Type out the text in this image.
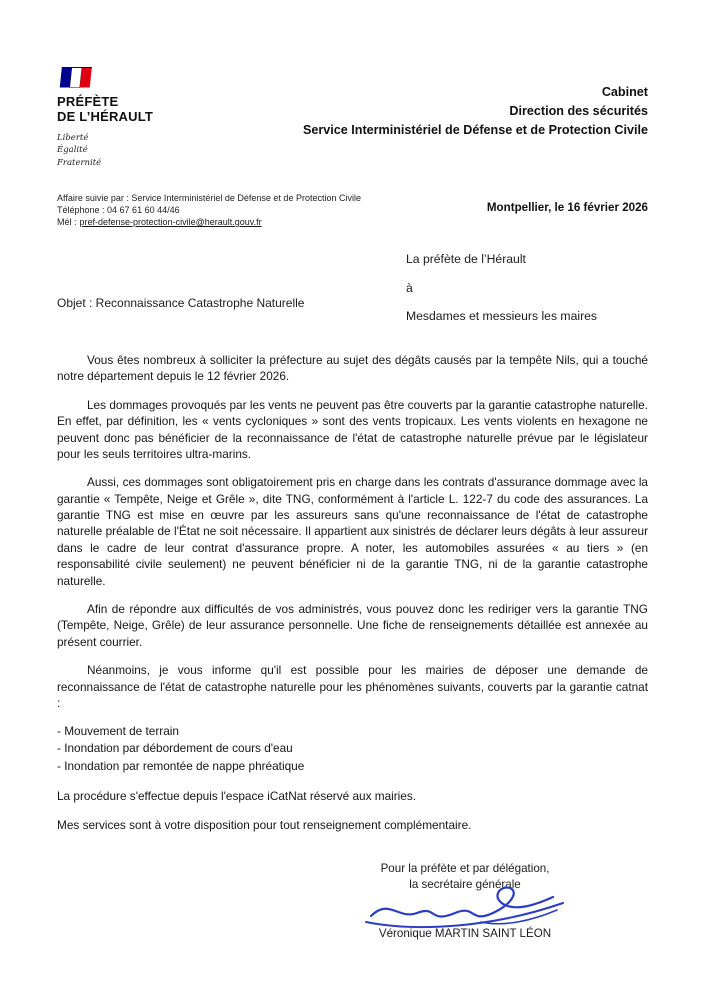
PRÉFÈTE
DE L’HÉRAULT
Liberté
Égalité
Fraternité
Cabinet
Direction des sécurités
Service Interministériel de Défense et de Protection Civile
Affaire suivie par : Service Interministériel de Défense et de Protection Civile
Téléphone : 04 67 61 60 44/46
Mél : pref-defense-protection-civile@herault.gouv.fr
Montpellier, le 16 février 2026
Objet : Reconnaissance Catastrophe Naturelle
La préfète de l’Hérault
à
Mesdames et messieurs les maires

Vous êtes nombreux à solliciter la préfecture au sujet des dégâts causés par la tempête Nils, qui a touché notre département depuis le 12 février 2026.

Les dommages provoqués par les vents ne peuvent pas être couverts par la garantie catastrophe naturelle. En effet, par définition, les « vents cycloniques » sont des vents tropicaux. Les vents violents en hexagone ne peuvent donc pas bénéficier de la reconnaissance de l'état de catastrophe naturelle prévue par le législateur pour les seuls territoires ultra-marins.

Aussi, ces dommages sont obligatoirement pris en charge dans les contrats d'assurance dommage avec la garantie « Tempête, Neige et Grêle », dite TNG, conformément à l'article L. 122-7 du code des assurances. La garantie TNG est mise en œuvre par les assureurs sans qu'une reconnaissance de l'état de catastrophe naturelle préalable de l'État ne soit nécessaire. Il appartient aux sinistrés de déclarer leurs dégâts à leur assureur dans le cadre de leur contrat d'assurance propre. A noter, les automobiles assurées « au tiers » (en responsabilité civile seulement) ne peuvent bénéficier ni de la garantie TNG, ni de la garantie catastrophe naturelle.

Afin de répondre aux difficultés de vos administrés, vous pouvez donc les rediriger vers la garantie TNG (Tempête, Neige, Grêle) de leur assurance personnelle. Une fiche de renseignements détaillée est annexée au présent courrier.

Néanmoins, je vous informe qu'il est possible pour les mairies de déposer une demande de reconnaissance de l'état de catastrophe naturelle pour les phénomènes suivants, couverts par la garantie catnat :

- Mouvement de terrain
- Inondation par débordement de cours d'eau
- Inondation par remontée de nappe phréatique
La procédure s'effectue depuis l'espace iCatNat réservé aux mairies.
Mes services sont à votre disposition pour tout renseignement complémentaire.
Pour la préfète et par délégation,
la secrétaire générale
Véronique MARTIN SAINT LÉON
